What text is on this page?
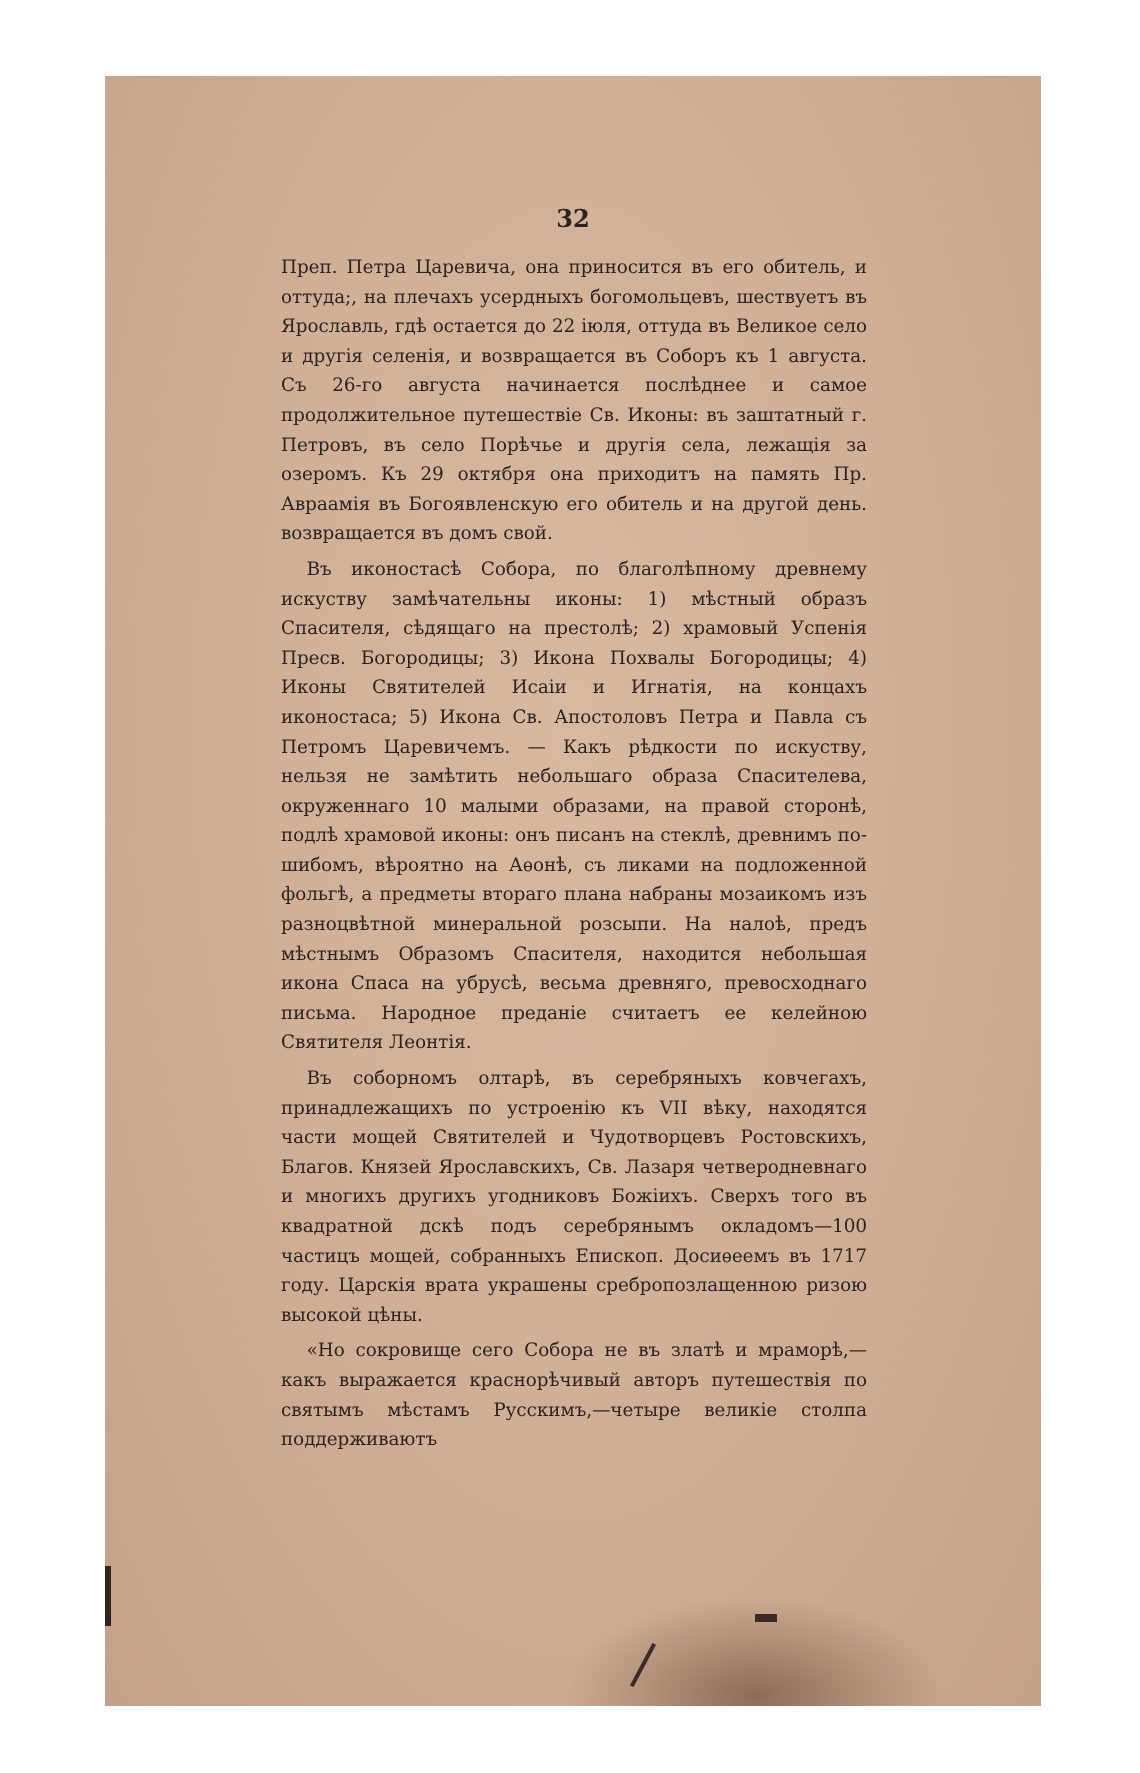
32

Преп. Петра Царевича, она приносится въ его обитель, и оттуда;, на плечахъ усердныхъ богомольцевъ, шествуетъ въ Ярославль, гдѣ остается до 22 іюля, оттуда въ Великое село и другія селенія, и возвращается въ Соборъ къ 1 августа. Съ 26-го августа начинается послѣднее и самое продолжительное путешествіе Св. Иконы: въ заштатный г. Петровъ, въ село Порѣчье и другія села, лежащія за озеромъ. Къ 29 октября она приходитъ на память Пр. Авраамія въ Богоявленскую его обитель и на другой день. возвращается въ домъ свой.

Въ иконостасѣ Собора, по благолѣпному древнему искуству замѣчательны иконы: 1) мѣстный образъ Спасителя, сѣдящаго на престолѣ; 2) храмовый Успенія Пресв. Богородицы; 3) Икона Похвалы Богородицы; 4) Иконы Святителей Исаіи и Игнатія, на концахъ иконостаса; 5) Икона Св. Апостоловъ Петра и Павла съ Петромъ Царевичемъ. — Какъ рѣдкости по искуству, нельзя не замѣтить небольшаго образа Спасителева, окруженнаго 10 малыми образами, на правой сторонѣ, подлѣ храмовой иконы: онъ писанъ на стеклѣ, древнимъ пошибомъ, вѣроятно на Аѳонѣ, съ ликами на подложенной фольгѣ, а предметы втораго плана набраны мозаикомъ изъ разноцвѣтной минеральной розсыпи. На налоѣ, предъ мѣстнымъ Образомъ Спасителя, находится небольшая икона Спаса на убрусѣ, весьма древняго, превосходнаго письма. Народное преданіе считаетъ ее келейною Святителя Леонтія.

Въ соборномъ олтарѣ, въ серебряныхъ ковчегахъ, принадлежащихъ по устроенію къ VII вѣку, находятся части мощей Святителей и Чудотворцевъ Ростовскихъ, Благов. Князей Ярославскихъ, Св. Лазаря четверодневнаго и многихъ другихъ угодниковъ Божіихъ. Сверхъ того въ квадратной дскѣ подъ серебрянымъ окладомъ—100 частицъ мощей, собранныхъ Епископ. Досиѳеемъ въ 1717 году. Царскія врата украшены сребропозлащенною ризою высокой цѣны.

«Но сокровище сего Собора не въ златѣ и мраморѣ,—какъ выражается краснорѣчивый авторъ путешествія по святымъ мѣстамъ Русскимъ,—четыре великіе столпа поддерживаютъ
